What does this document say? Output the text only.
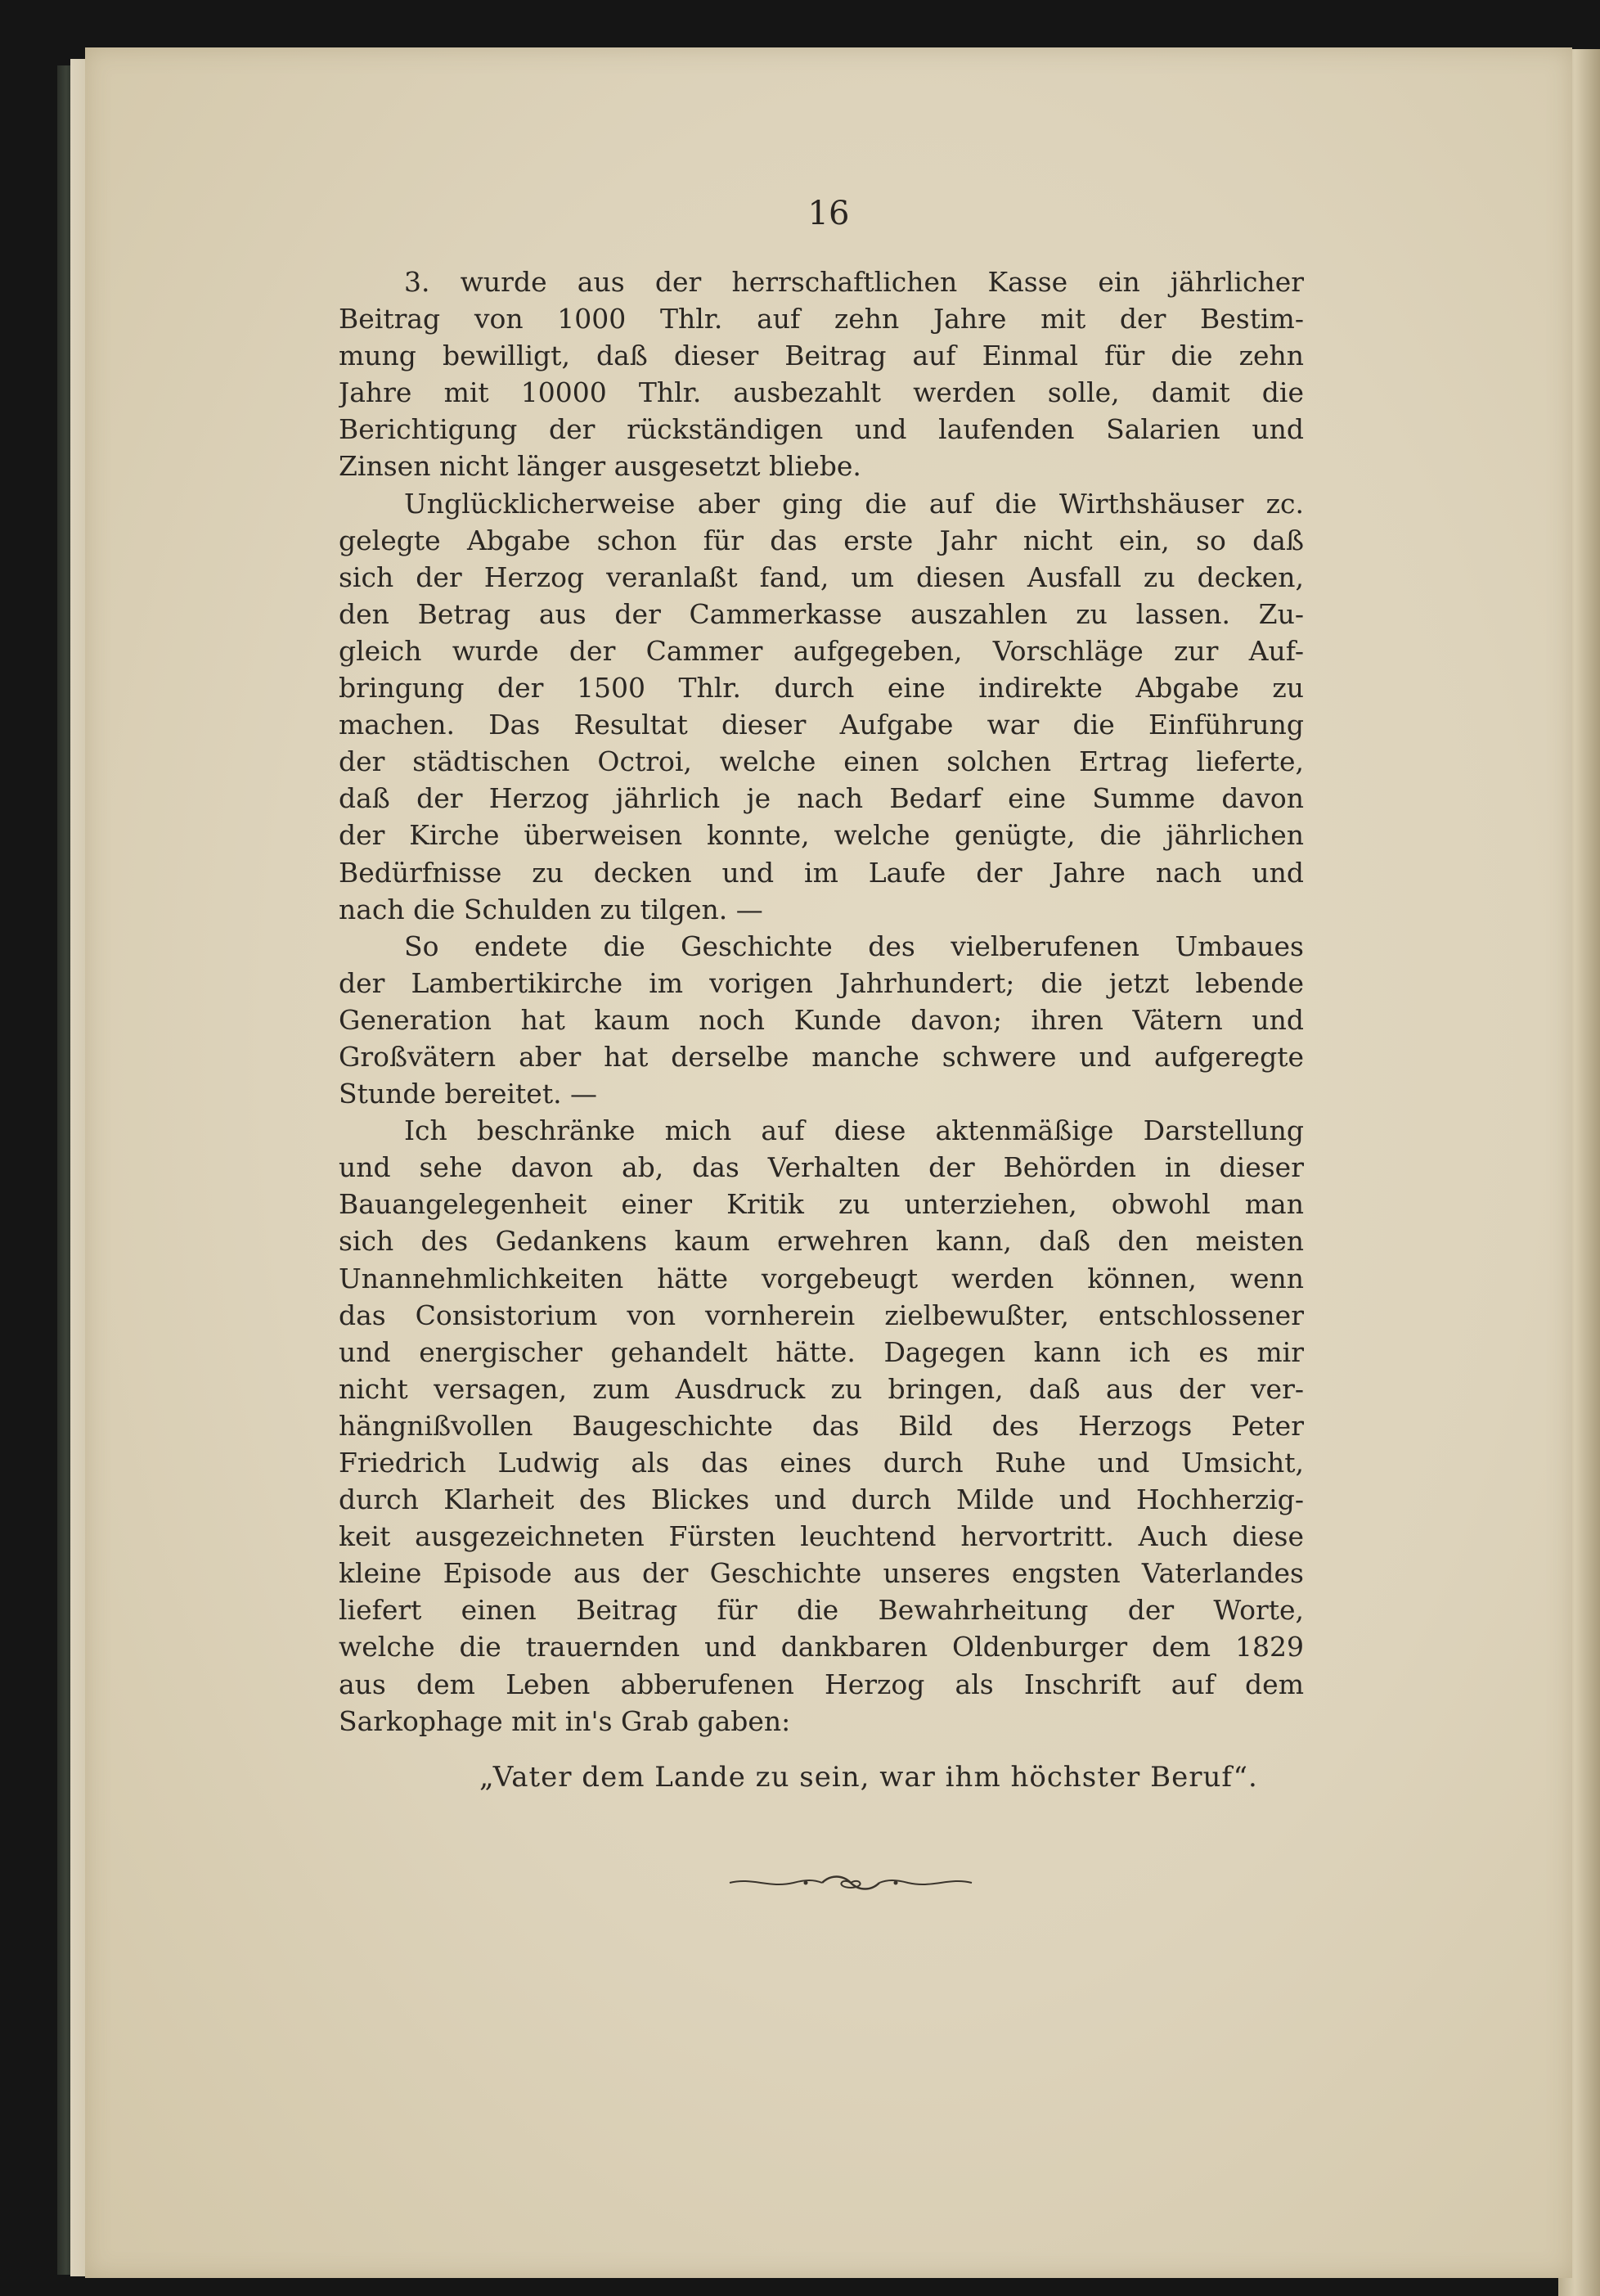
16
3. wurde aus der herrschaftlichen Kasse ein jährlicher
Beitrag von 1000 Thlr. auf zehn Jahre mit der Bestim-
mung bewilligt, daß dieser Beitrag auf Einmal für die zehn
Jahre mit 10000 Thlr. ausbezahlt werden solle, damit die
Berichtigung der rückständigen und laufenden Salarien und
Zinsen nicht länger ausgesetzt bliebe.
Unglücklicherweise aber ging die auf die Wirthshäuser zc.
gelegte Abgabe schon für das erste Jahr nicht ein, so daß
sich der Herzog veranlaßt fand, um diesen Ausfall zu decken,
den Betrag aus der Cammerkasse auszahlen zu lassen. Zu-
gleich wurde der Cammer aufgegeben, Vorschläge zur Auf-
bringung der 1500 Thlr. durch eine indirekte Abgabe zu
machen. Das Resultat dieser Aufgabe war die Einführung
der städtischen Octroi, welche einen solchen Ertrag lieferte,
daß der Herzog jährlich je nach Bedarf eine Summe davon
der Kirche überweisen konnte, welche genügte, die jährlichen
Bedürfnisse zu decken und im Laufe der Jahre nach und
nach die Schulden zu tilgen. —
So endete die Geschichte des vielberufenen Umbaues
der Lambertikirche im vorigen Jahrhundert; die jetzt lebende
Generation hat kaum noch Kunde davon; ihren Vätern und
Großvätern aber hat derselbe manche schwere und aufgeregte
Stunde bereitet. —
Ich beschränke mich auf diese aktenmäßige Darstellung
und sehe davon ab, das Verhalten der Behörden in dieser
Bauangelegenheit einer Kritik zu unterziehen, obwohl man
sich des Gedankens kaum erwehren kann, daß den meisten
Unannehmlichkeiten hätte vorgebeugt werden können, wenn
das Consistorium von vornherein zielbewußter, entschlossener
und energischer gehandelt hätte. Dagegen kann ich es mir
nicht versagen, zum Ausdruck zu bringen, daß aus der ver-
hängnißvollen Baugeschichte das Bild des Herzogs Peter
Friedrich Ludwig als das eines durch Ruhe und Umsicht,
durch Klarheit des Blickes und durch Milde und Hochherzig-
keit ausgezeichneten Fürsten leuchtend hervortritt. Auch diese
kleine Episode aus der Geschichte unseres engsten Vaterlandes
liefert einen Beitrag für die Bewahrheitung der Worte,
welche die trauernden und dankbaren Oldenburger dem 1829
aus dem Leben abberufenen Herzog als Inschrift auf dem
Sarkophage mit in's Grab gaben:
„Vater dem Lande zu sein, war ihm höchster Beruf“.
